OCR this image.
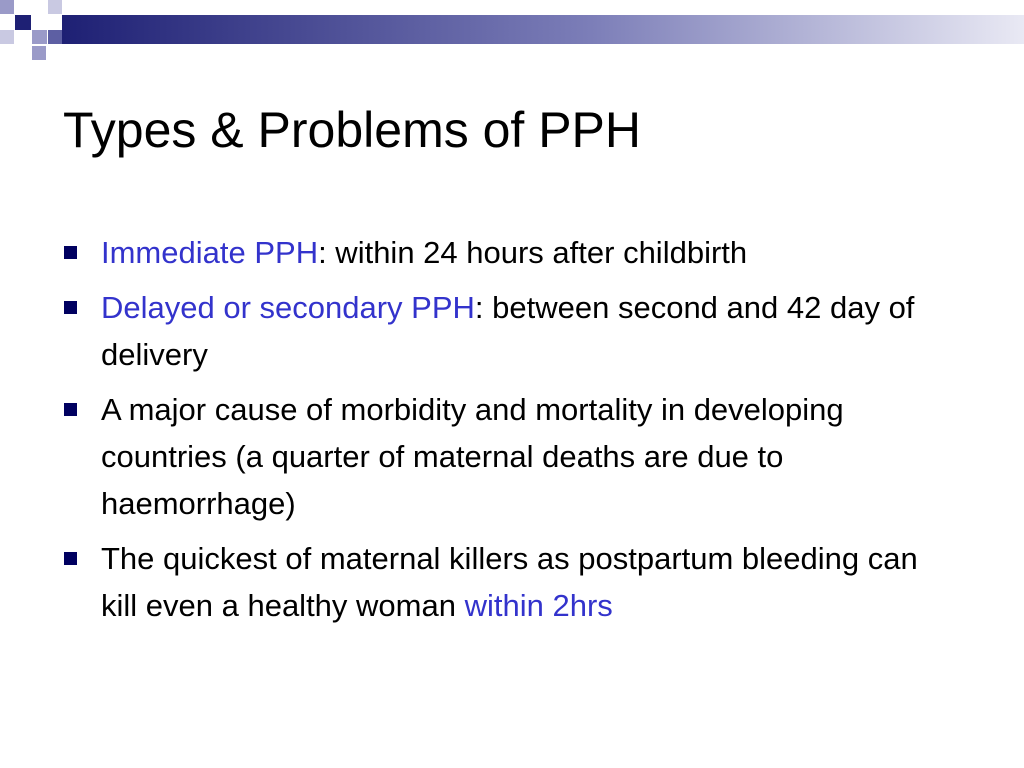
Types & Problems of PPH
Immediate PPH: within 24 hours after childbirth
Delayed or secondary PPH: between second and 42 day of delivery
A major cause of morbidity and mortality in developing countries (a quarter of maternal deaths are due to haemorrhage)
The quickest of maternal killers as postpartum bleeding can kill even a healthy woman within 2hrs
